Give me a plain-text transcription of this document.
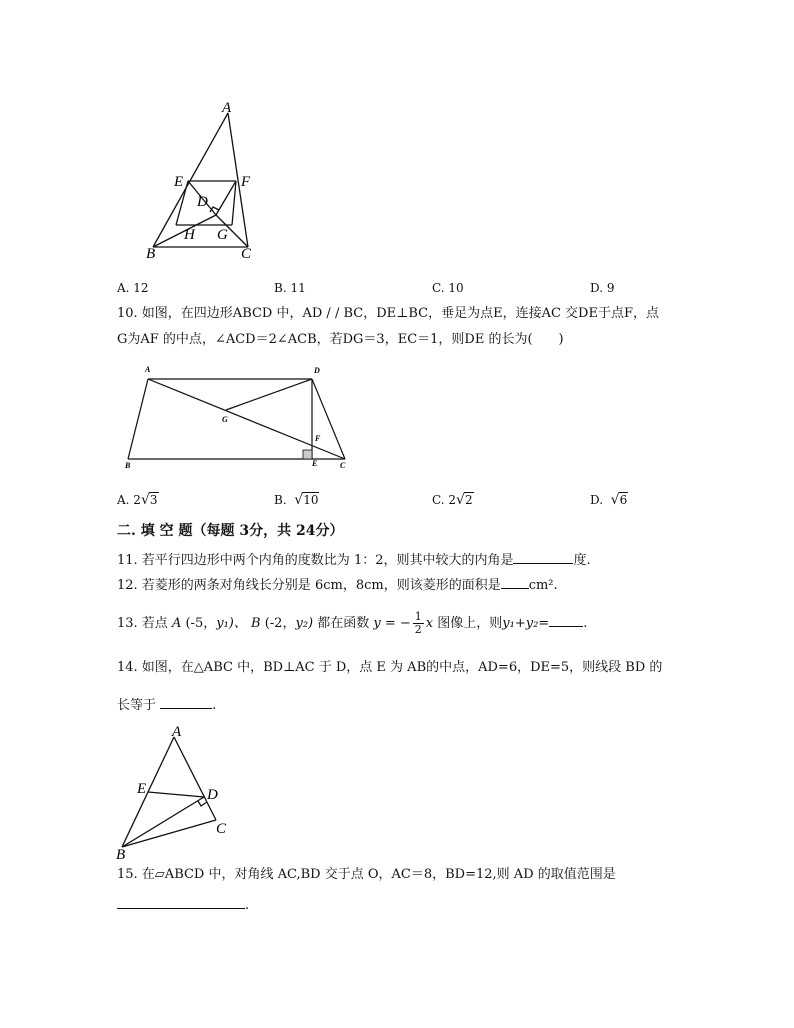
A
E	F
D
H G
B	C
A. 12	B. 11	C. 10	D. 9
10. 如图，在四边形ABCD 中，AD / / BC，DE⊥BC，垂足为点E，连接AC 交DE于点F，点
G为AF 的中点，∠ACD＝2∠ACB，若DG＝3，EC＝1，则DE 的长为(　　)
A	D
G
F
B	E	C
A. 2√3	B. √10	C. 2√2	D. √6
二. 填 空 题（每题 3分，共 24分）
11. 若平行四边形中两个内角的度数比为 1：2，则其中较大的内角是	度.
12. 若菱形的两条对角线长分别是 6cm，8cm，则该菱形的面积是 cm².
13. 若点 A (-5，y₁)、 B (-2，y₂) 都在函数 y = − $\frac{1}{2}$ x 图像上，则y₁+y₂=	.
14. 如图，在△ABC 中，BD⊥AC 于 D，点 E 为 AB的中点，AD=6，DE=5，则线段 BD 的
长等于	.
A
E	D
C
B
15. 在▱ABCD 中，对角线 AC,BD 交于点 O，AC＝8，BD=12,则 AD 的取值范围是
.
